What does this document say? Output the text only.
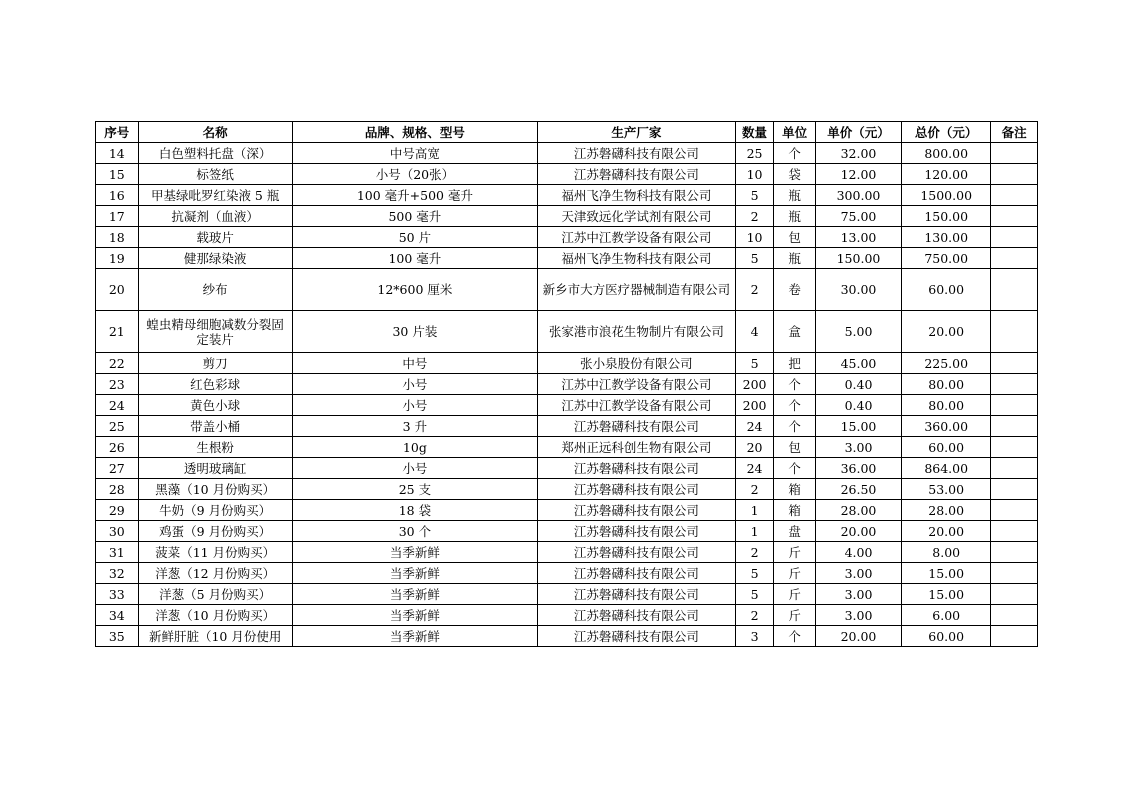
序号	名称	品牌、规格、型号	生产厂家	数量	单位	单价（元）	总价（元）	备注
14	白色塑料托盘（深）	中号高宽	江苏磐礴科技有限公司	25	个	32.00	800.00	
15	标签纸	小号（20张）	江苏磐礴科技有限公司	10	袋	12.00	120.00	
16	甲基绿吡罗红染液 5 瓶	100 毫升+500 毫升	福州飞净生物科技有限公司	5	瓶	300.00	1500.00	
17	抗凝剂（血液）	500 毫升	天津致远化学试剂有限公司	2	瓶	75.00	150.00	
18	载玻片	50 片	江苏中江教学设备有限公司	10	包	13.00	130.00	
19	健那绿染液	100 毫升	福州飞净生物科技有限公司	5	瓶	150.00	750.00	
20	纱布	12*600 厘米	新乡市大方医疗器械制造有限公司	2	卷	30.00	60.00	
21	蝗虫精母细胞减数分裂固定装片	30 片装	张家港市浪花生物制片有限公司	4	盒	5.00	20.00	
22	剪刀	中号	张小泉股份有限公司	5	把	45.00	225.00	
23	红色彩球	小号	江苏中江教学设备有限公司	200	个	0.40	80.00	
24	黄色小球	小号	江苏中江教学设备有限公司	200	个	0.40	80.00	
25	带盖小桶	3 升	江苏磐礴科技有限公司	24	个	15.00	360.00	
26	生根粉	10g	郑州正远科创生物有限公司	20	包	3.00	60.00	
27	透明玻璃缸	小号	江苏磐礴科技有限公司	24	个	36.00	864.00	
28	黑藻（10 月份购买）	25 支	江苏磐礴科技有限公司	2	箱	26.50	53.00	
29	牛奶（9 月份购买）	18 袋	江苏磐礴科技有限公司	1	箱	28.00	28.00	
30	鸡蛋（9 月份购买）	30 个	江苏磐礴科技有限公司	1	盘	20.00	20.00	
31	菠菜（11 月份购买）	当季新鲜	江苏磐礴科技有限公司	2	斤	4.00	8.00	
32	洋葱（12 月份购买）	当季新鲜	江苏磐礴科技有限公司	5	斤	3.00	15.00	
33	洋葱（5 月份购买）	当季新鲜	江苏磐礴科技有限公司	5	斤	3.00	15.00	
34	洋葱（10 月份购买）	当季新鲜	江苏磐礴科技有限公司	2	斤	3.00	6.00	
35	新鲜肝脏（10 月份使用	当季新鲜	江苏磐礴科技有限公司	3	个	20.00	60.00	
